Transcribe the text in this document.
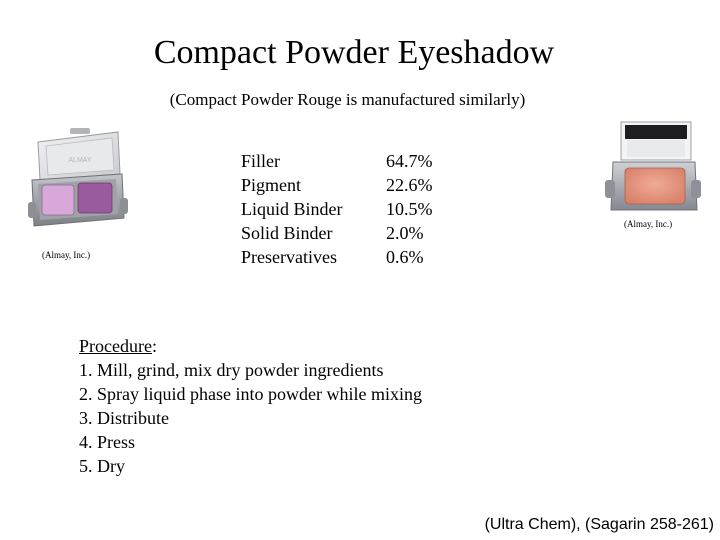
Compact Powder Eyeshadow
(Compact Powder Rouge is manufactured similarly)
ALMAY
(Almay, Inc.)
Filler
Pigment
Liquid Binder
Solid Binder
Preservatives
64.7%
22.6%
10.5%
2.0%
0.6%
(Almay, Inc.)
Procedure:
1. Mill, grind, mix dry powder ingredients
2. Spray liquid phase into powder while mixing
3. Distribute
4. Press
5. Dry
(Ultra Chem), (Sagarin 258-261)
